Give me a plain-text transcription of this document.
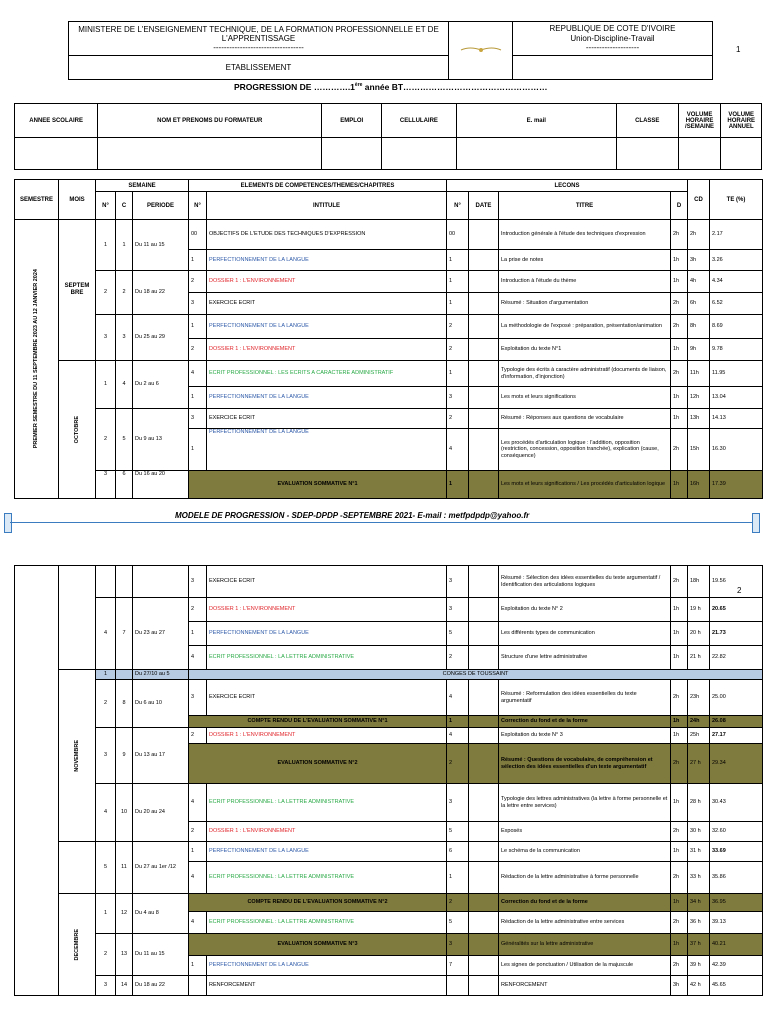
MINISTERE DE L'ENSEIGNEMENT TECHNIQUE, DE LA FORMATION PROFESSIONNELLE ET DE L'APPRENTISSAGE
----------------------------------		REPUBLIQUE DE COTE D'IVOIRE
Union-Discipline-Travail
--------------------
ETABLISSEMENT		
1
PROGRESSION DE ………….1ère année BT……………………………………………
ANNEE SCOLAIRE	NOM ET PRENOMS DU FORMATEUR	EMPLOI	CELLULAIRE	E. mail	CLASSE	VOLUME HORAIRE /SEMAINE	VOLUME HORAIRE ANNUEL

SEMESTRE	MOIS	SEMAINE			ELEMENTS DE COMPETENCES/THEMES/CHAPITRES		LECONS				CD	TE (%)
		N°	C	PERIODE	N°	INTITULE	N°	DATE	TITRE	D		
PREMIER SEMESTRE DU 11 SEPTEMBRE 2023 AU 12 JANVIER 2024	SEPTEM BRE	1	1	Du 11 au 15	00	OBJECTIFS DE L'ETUDE DES TECHNIQUES D'EXPRESSION	00		Introduction générale à l'étude des techniques d'expression	2h	2h	2.17
					1	PERFECTIONNEMENT DE LA LANGUE	1		La prise de notes	1h	3h	3.26
		2	2	Du 18 au 22	2	DOSSIER 1 : L'ENVIRONNEMENT	1		Introduction à l'étude du thème	1h	4h	4.34
					3	EXERCICE ECRIT	1		Résumé : Situation d'argumentation	2h	6h	6.52
		3	3	Du 25 au 29	1	PERFECTIONNEMENT DE LA LANGUE	2		La méthodologie de l'exposé : préparation, présentation/animation	2h	8h	8.69
					2	DOSSIER 1 : L'ENVIRONNEMENT	2		Exploitation du texte N°1	1h	9h	9.78

	OCTOBRE	1	4	Du 2 au 6	4	ECRIT PROFESSIONNEL : LES ECRITS A CARACTERE ADMINISTRATIF	1		Typologie des écrits à caractère administratif (documents de liaison, d'information, d'injonction)	2h	11h	11.95
					1	PERFECTIONNEMENT DE LA LANGUE	3		Les mots et leurs significations	1h	12h	13.04
		2	5	Du 9 au 13	3	EXERCICE ECRIT	2		Résumé : Réponses aux questions de vocabulaire	1h	13h	14.13
					1	PERFECTIONNEMENT DE LA LANGUE	4		Les procédés d'articulation logique : l'addition, opposition (restriction, concession, opposition tranchée), explication (cause, conséquence)	2h	15h	16.30
		3	6	Du 16 au 20	EVALUATION SOMMATIVE N°1		1		Les mots et leurs significations / Les procédés d'articulation logique	1h	16h	17.39
MODELE DE PROGRESSION - SDEP-DPDP -SEPTEMBRE 2021- E-mail : metfpdpdp@yahoo.fr
2
					3	EXERCICE ECRIT	3		Résumé : Sélection des idées essentielles du texte argumentatif / Identification des articulations logiques	2h	18h	19.56
		4	7	Du 23 au 27	2	DOSSIER 1 : L'ENVIRONNEMENT	3		Exploitation du texte N° 2	1h	19 h	20.65
					1	PERFECTIONNEMENT DE LA LANGUE	5		Les différents types de communication	1h	20 h	21.73
					4	ECRIT PROFESSIONNEL : LA LETTRE ADMINISTRATIVE	2		Structure d'une lettre administrative	1h	21 h	22.82

	NOVEMBRE	1		Du 27/10 au 5	CONGES DE TOUSSAINT							
		2	8	Du 6 au 10	3	EXERCICE ECRIT	4		Résumé : Reformulation des idées essentielles du texte argumentatif	2h	23h	25.00
					COMPTE RENDU DE L'EVALUATION SOMMATIVE N°1		1		Correction du fond et de la forme	1h	24h	26.08
		3	9	Du 13 au 17	2	DOSSIER 1 : L'ENVIRONNEMENT	4		Exploitation du texte N° 3	1h	25h	27.17
					EVALUATION SOMMATIVE N°2		2		Résumé : Questions de vocabulaire, de compréhension et sélection des idées essentielles d'un texte argumentatif	2h	27 h	29.34
		4	10	Du 20 au 24	4	ECRIT PROFESSIONNEL : LA LETTRE ADMINISTRATIVE	3		Typologie des lettres administratives (la lettre à forme personnelle et la lettre entre services)	1h	28 h	30.43
					2	DOSSIER 1 : L'ENVIRONNEMENT	5		Exposés	2h	30 h	32.60
		5	11	Du 27 au 1er /12	1	PERFECTIONNEMENT DE LA LANGUE	6		Le schéma de la communication	1h	31 h	33.69
					4	ECRIT PROFESSIONNEL : LA LETTRE ADMINISTRATIVE	1		Rédaction de la lettre administrative à forme personnelle	2h	33 h	35.86

	DECEMBRE	1	12	Du 4 au 8	COMPTE RENDU DE L'EVALUATION SOMMATIVE N°2		2		Correction du fond et de la forme	1h	34 h	36.95
					4	ECRIT PROFESSIONNEL : LA LETTRE ADMINISTRATIVE	5		Rédaction de la lettre administrative entre services	2h	36 h	39.13
		2	13	Du 11 au 15	EVALUATION SOMMATIVE N°3		3		Généralités sur la lettre administrative	1h	37 h	40.21
					1	PERFECTIONNEMENT DE LA LANGUE	7		Les signes de ponctuation / Utilisation de la majuscule	2h	39 h	42.39
		3	14	Du 18 au 22		RENFORCEMENT			RENFORCEMENT	3h	42 h	45.65
